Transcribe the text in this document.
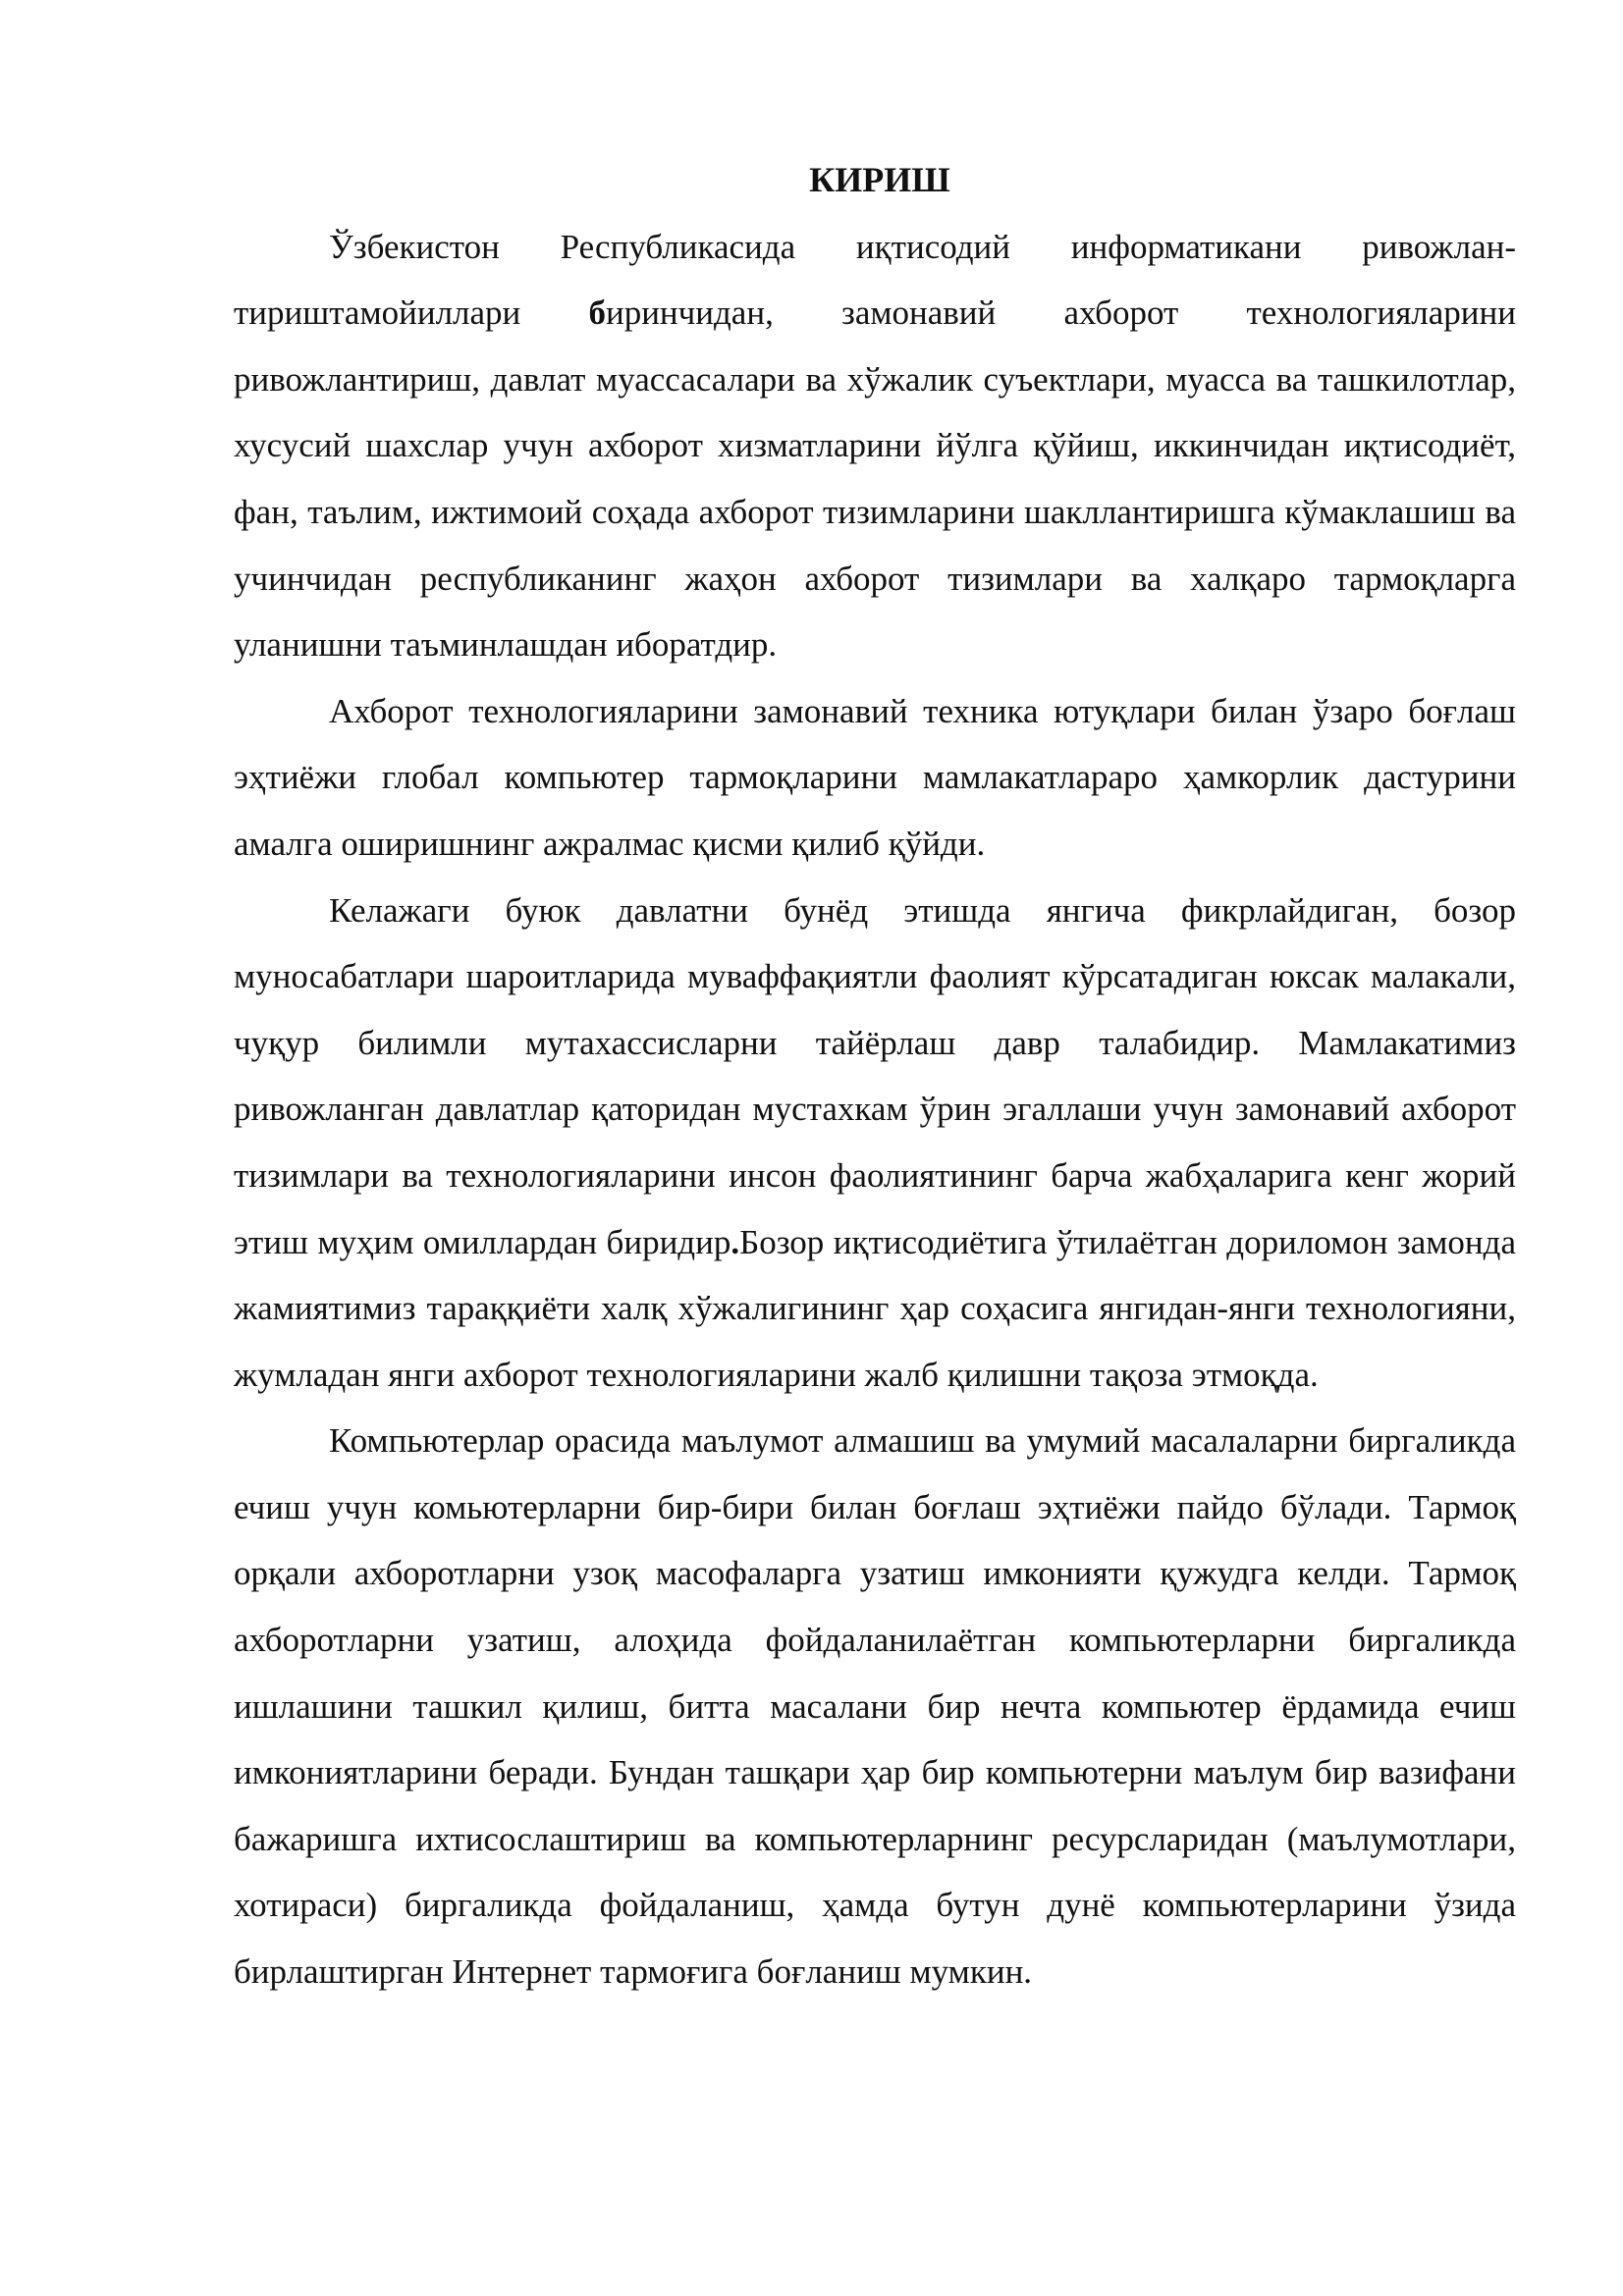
КИРИШ

Ўзбекистон Республикасида иқтисодий информатикани ривожлан-тириштамойиллари биринчидан, замонавий ахборот технологияларини ривожлантириш, давлат муассасалари ва хўжалик суъектлари, муасса ва ташкилотлар, хусусий шахслар учун ахборот хизматларини йўлга қўйиш, иккинчидан иқтисодиёт, фан, таълим, ижтимоий соҳада ахборот тизимларини шакллантиришга кўмаклашиш ва учинчидан республиканинг жаҳон ахборот тизимлари ва халқаро тармоқларга уланишни таъминлашдан иборатдир.

Ахборот технологияларини замонавий техника ютуқлари билан ўзаро боғлаш эҳтиёжи глобал компьютер тармоқларини мамлакатлараро ҳамкорлик дастурини амалга оширишнинг ажралмас қисми қилиб қўйди.

Келажаги буюк давлатни бунёд этишда янгича фикрлайдиган, бозор муносабатлари шароитларида муваффақиятли фаолият кўрсатадиган юксак малакали, чуқур билимли мутахассисларни тайёрлаш давр талабидир. Мамлакатимиз ривожланган давлатлар қаторидан мустахкам ўрин эгаллаши учун замонавий ахборот тизимлари ва технологияларини инсон фаолиятининг барча жабҳаларига кенг жорий этиш муҳим омиллардан биридир.Бозор иқтисодиётига ўтилаётган дориломон замонда жамиятимиз тараққиёти халқ хўжалигининг ҳар соҳасига янгидан-янги технологияни, жумладан янги ахборот технологияларини жалб қилишни тақоза этмоқда.

Компьютерлар орасида маълумот алмашиш ва умумий масалаларни биргаликда ечиш учун комьютерларни бир-бири билан боғлаш эҳтиёжи пайдо бўлади. Тармоқ орқали ахборотларни узоқ масофаларга узатиш имконияти қужудга келди. Тармоқ ахборотларни узатиш, алоҳида фойдаланилаётган компьютерларни биргаликда ишлашини ташкил қилиш, битта масалани бир нечта компьютер ёрдамида ечиш имкониятларини беради. Бундан ташқари ҳар бир компьютерни маълум бир вазифани бажаришга ихтисослаштириш ва компьютерларнинг ресурсларидан (маълумотлари, хотираси) биргаликда фойдаланиш, ҳамда бутун дунё компьютерларини ўзида бирлаштирган Интернет тармоғига боғланиш мумкин.
